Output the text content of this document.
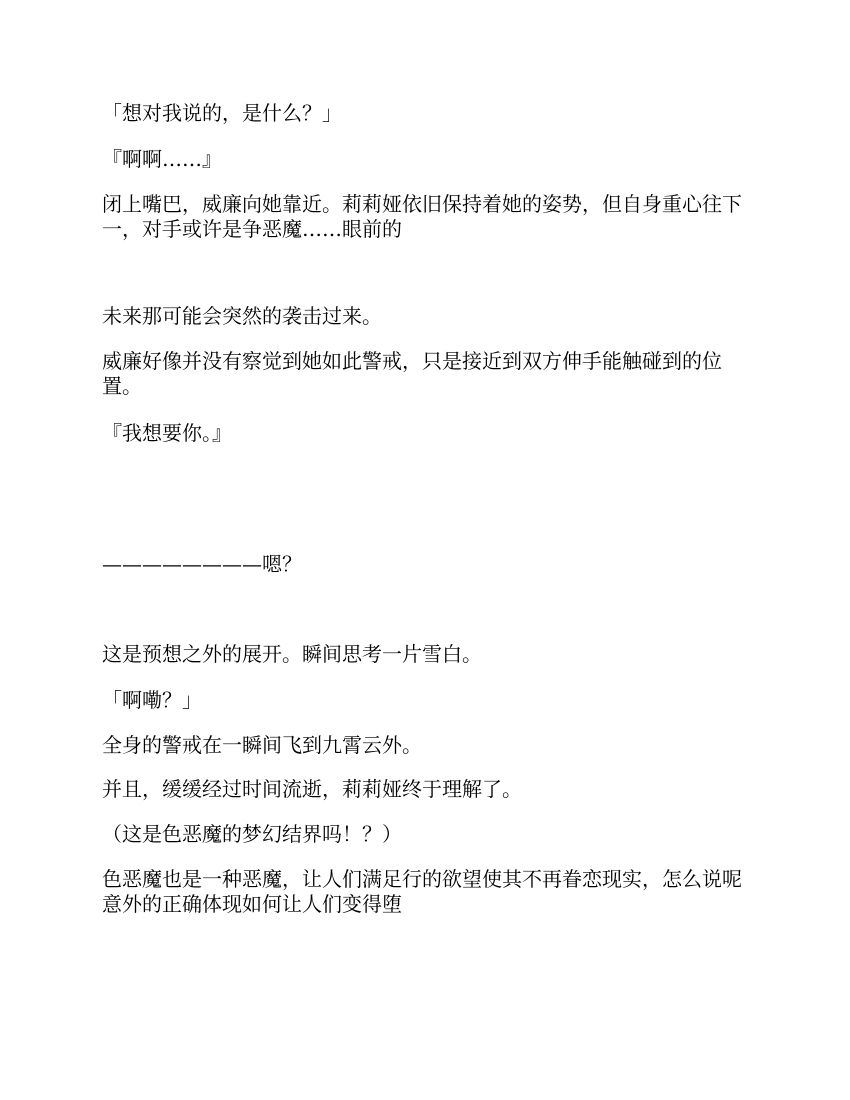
「想对我说的，是什么？」

『啊啊……』

闭上嘴巴，威廉向她靠近。莉莉娅依旧保持着她的姿势，但自身重心往下一，对手或许是争恶魔……眼前的

未来那可能会突然的袭击过来。

威廉好像并没有察觉到她如此警戒，只是接近到双方伸手能触碰到的位置。

『我想要你。』

————————嗯？

这是预想之外的展开。瞬间思考一片雪白。

「啊嘞？」

全身的警戒在一瞬间飞到九霄云外。

并且，缓缓经过时间流逝，莉莉娅终于理解了。

（这是色恶魔的梦幻结界吗！？）

色恶魔也是一种恶魔，让人们满足行的欲望使其不再眷恋现实，怎么说呢意外的正确体现如何让人们变得堕
